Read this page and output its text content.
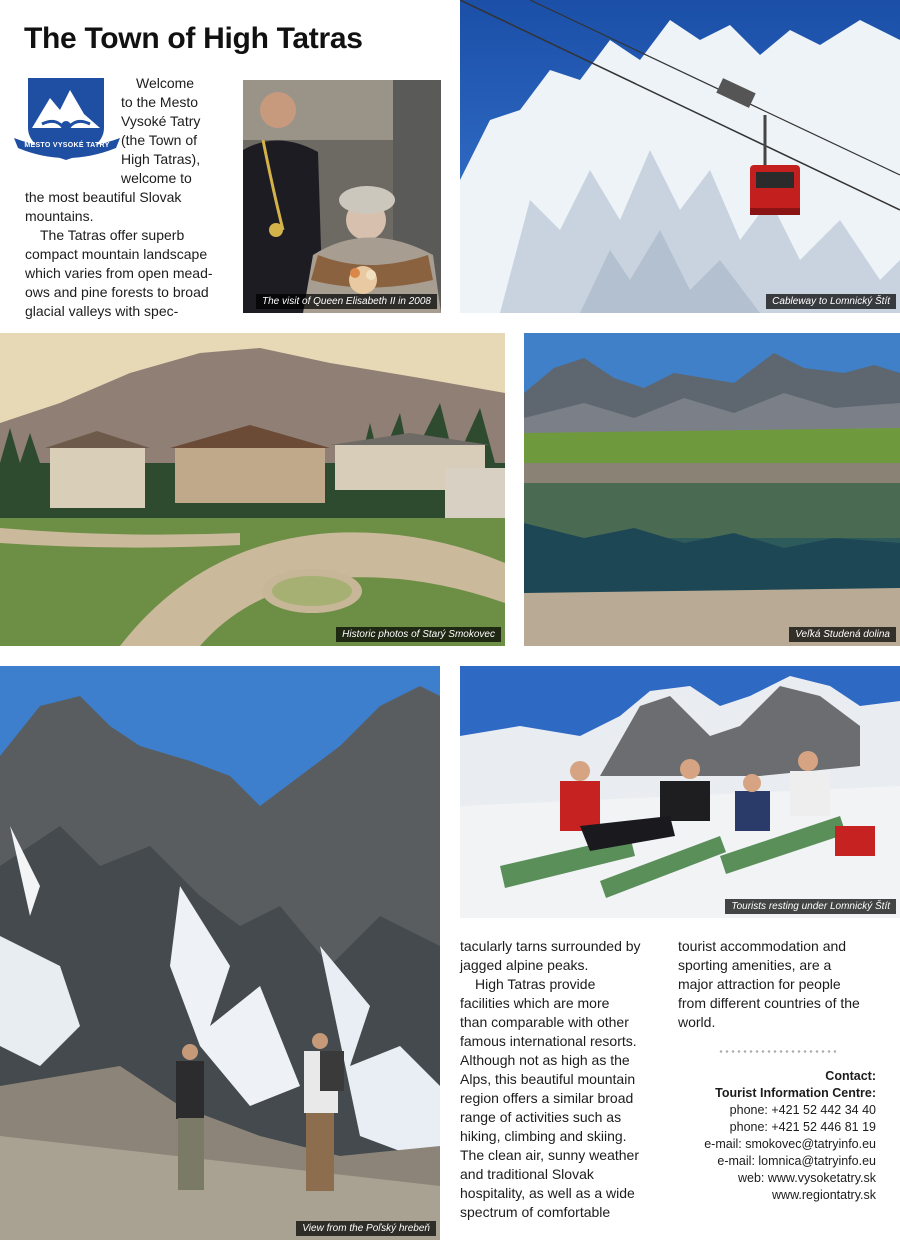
The Town of High Tatras
MESTO VYSOKÉ TATRY

Welcome

to the Mesto

Vysoké Tatry

(the Town of

High Tatras),

welcome to

the most beautiful Slovak

mountains.

The Tatras offer superb

compact mountain landscape

which varies from open mead-

ows and pine forests to broad

glacial valleys with spec-

The visit of Queen Elisabeth II in 2008	Cableway to Lomnický Štít
Historic photos of Starý Smokovec	Veľká Studená dolina
View from the Poľský hrebeň
Tourists resting under Lomnický Štít

tacularly tarns surrounded by

jagged alpine peaks.

High Tatras provide

facilities which are more

than comparable with other

famous international resorts.

Although not as high as the

Alps, this beautiful mountain

region offers a similar broad

range of activities such as

hiking, climbing and skiing.

The clean air, sunny weather

and traditional Slovak

hospitality, as well as a wide

spectrum of comfortable

tourist accommodation and

sporting amenities, are a

major attraction for people

from different countries of the

world.

Contact:
Tourist Information Centre:
phone: +421 52 442 34 40
phone: +421 52 446 81 19
e-mail: smokovec@tatryinfo.eu
e-mail: lomnica@tatryinfo.eu
web: www.vysoketatry.sk
www.regiontatry.sk
